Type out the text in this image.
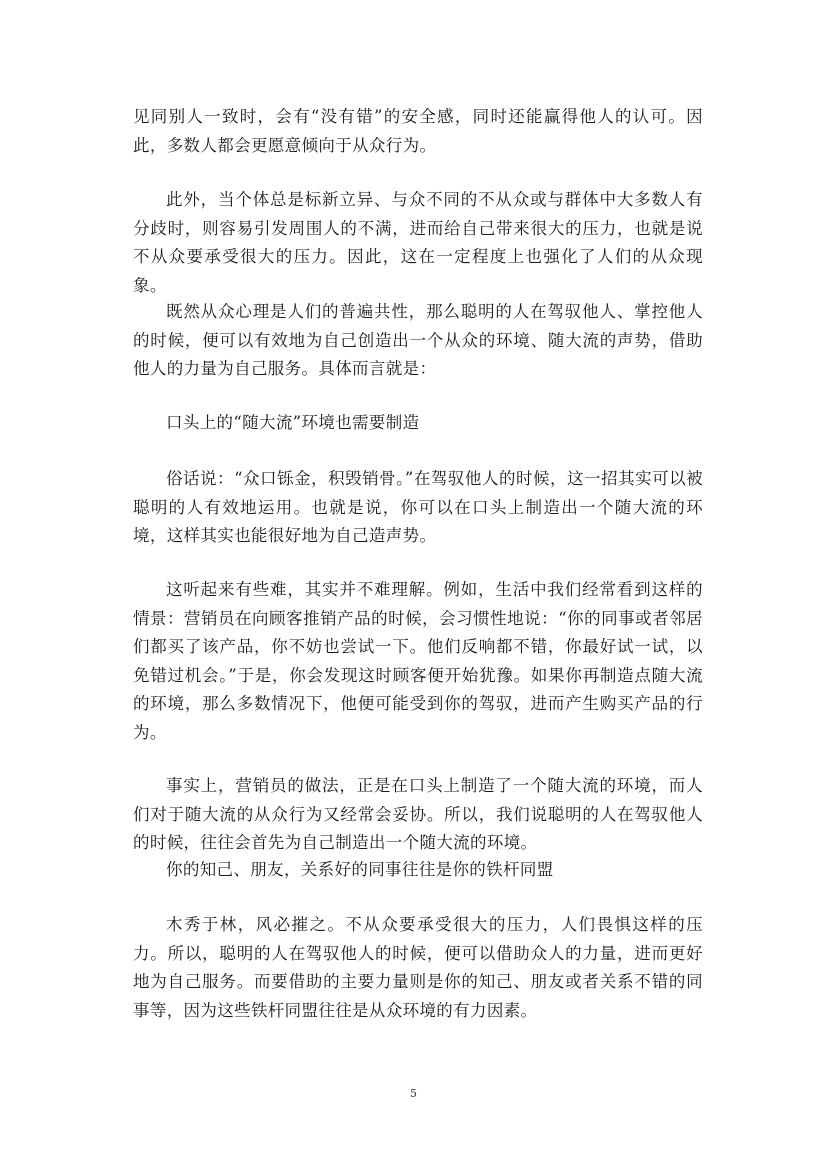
见同别人一致时，会有“没有错”的安全感，同时还能赢得他人的认可。因此，多数人都会更愿意倾向于从众行为。

此外，当个体总是标新立异、与众不同的不从众或与群体中大多数人有分歧时，则容易引发周围人的不满，进而给自己带来很大的压力，也就是说不从众要承受很大的压力。因此，这在一定程度上也强化了人们的从众现象。

既然从众心理是人们的普遍共性，那么聪明的人在驾驭他人、掌控他人的时候，便可以有效地为自己创造出一个从众的环境、随大流的声势，借助他人的力量为自己服务。具体而言就是：

口头上的“随大流”环境也需要制造

俗话说：“众口铄金，积毁销骨。”在驾驭他人的时候，这一招其实可以被聪明的人有效地运用。也就是说，你可以在口头上制造出一个随大流的环境，这样其实也能很好地为自己造声势。

这听起来有些难，其实并不难理解。例如，生活中我们经常看到这样的情景：营销员在向顾客推销产品的时候，会习惯性地说：“你的同事或者邻居们都买了该产品，你不妨也尝试一下。他们反响都不错，你最好试一试，以免错过机会。”于是，你会发现这时顾客便开始犹豫。如果你再制造点随大流的环境，那么多数情况下，他便可能受到你的驾驭，进而产生购买产品的行为。

事实上，营销员的做法，正是在口头上制造了一个随大流的环境，而人们对于随大流的从众行为又经常会妥协。所以，我们说聪明的人在驾驭他人的时候，往往会首先为自己制造出一个随大流的环境。

你的知己、朋友，关系好的同事往往是你的铁杆同盟

木秀于林，风必摧之。不从众要承受很大的压力，人们畏惧这样的压力。所以，聪明的人在驾驭他人的时候，便可以借助众人的力量，进而更好地为自己服务。而要借助的主要力量则是你的知己、朋友或者关系不错的同事等，因为这些铁杆同盟往往是从众环境的有力因素。

5
